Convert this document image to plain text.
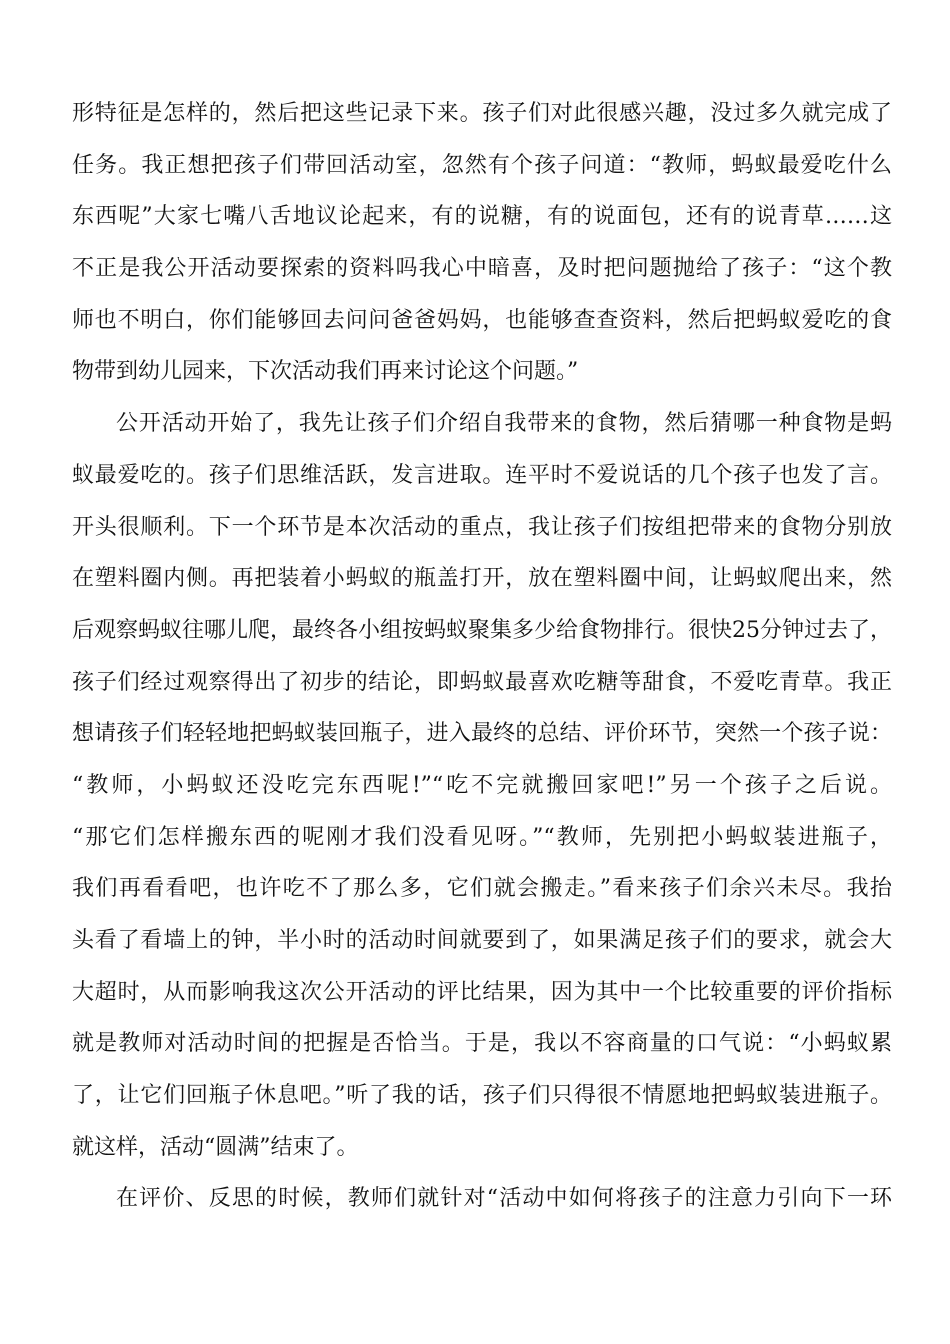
形特征是怎样的，然后把这些记录下来。孩子们对此很感兴趣，没过多久就完成了
任务。我正想把孩子们带回活动室，忽然有个孩子问道：“教师，蚂蚁最爱吃什么
东西呢”大家七嘴八舌地议论起来，有的说糖，有的说面包，还有的说青草……这
不正是我公开活动要探索的资料吗我心中暗喜，及时把问题抛给了孩子：“这个教
师也不明白，你们能够回去问问爸爸妈妈，也能够查查资料，然后把蚂蚁爱吃的食
物带到幼儿园来，下次活动我们再来讨论这个问题。”
公开活动开始了，我先让孩子们介绍自我带来的食物，然后猜哪一种食物是蚂
蚁最爱吃的。孩子们思维活跃，发言进取。连平时不爱说话的几个孩子也发了言。
开头很顺利。下一个环节是本次活动的重点，我让孩子们按组把带来的食物分别放
在塑料圈内侧。再把装着小蚂蚁的瓶盖打开，放在塑料圈中间，让蚂蚁爬出来，然
后观察蚂蚁往哪儿爬，最终各小组按蚂蚁聚集多少给食物排行。很快25分钟过去了，
孩子们经过观察得出了初步的结论，即蚂蚁最喜欢吃糖等甜食，不爱吃青草。我正
想请孩子们轻轻地把蚂蚁装回瓶子，进入最终的总结、评价环节，突然一个孩子说：
“教师，小蚂蚁还没吃完东西呢!”“吃不完就搬回家吧!”另一个孩子之后说。
“那它们怎样搬东西的呢刚才我们没看见呀。”“教师，先别把小蚂蚁装进瓶子，
我们再看看吧，也许吃不了那么多，它们就会搬走。”看来孩子们余兴未尽。我抬
头看了看墙上的钟，半小时的活动时间就要到了，如果满足孩子们的要求，就会大
大超时，从而影响我这次公开活动的评比结果，因为其中一个比较重要的评价指标
就是教师对活动时间的把握是否恰当。于是，我以不容商量的口气说：“小蚂蚁累
了，让它们回瓶子休息吧。”听了我的话，孩子们只得很不情愿地把蚂蚁装进瓶子。
就这样，活动“圆满”结束了。
在评价、反思的时候，教师们就针对“活动中如何将孩子的注意力引向下一环
